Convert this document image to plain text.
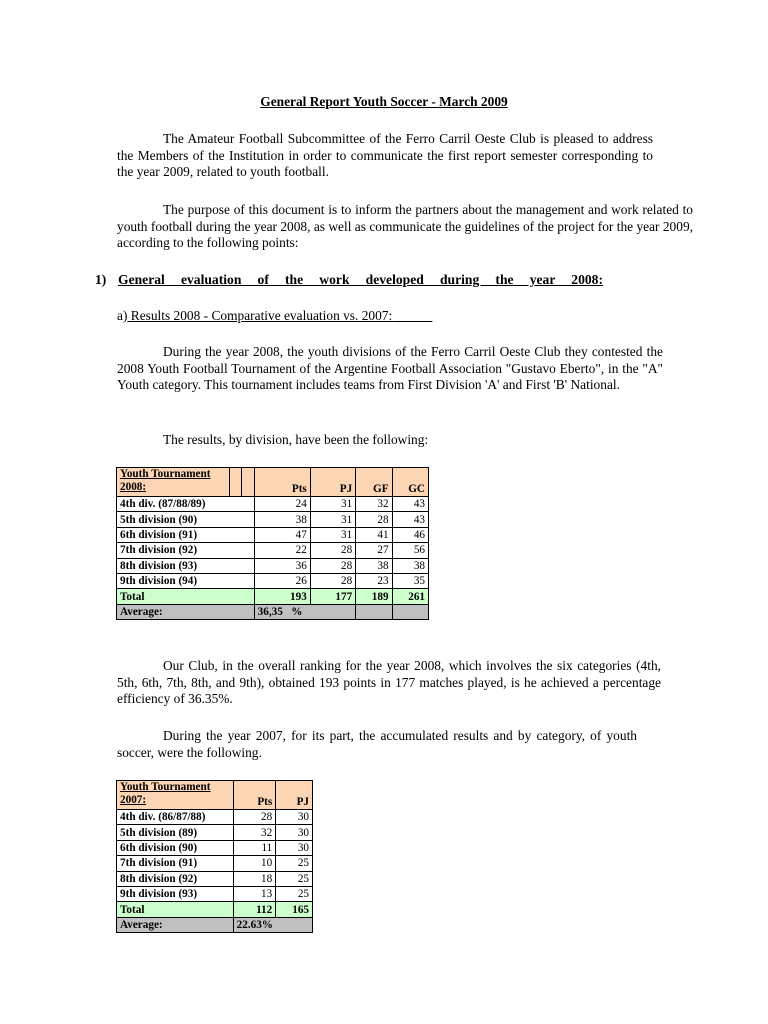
General Report Youth Soccer - March 2009
The Amateur Football Subcommittee of the Ferro Carril Oeste Club is pleased to address the Members of the Institution in order to communicate the first report semester corresponding to the year 2009, related to youth football.
The purpose of this document is to inform the partners about the management and work related to youth football during the year 2008, as well as communicate the guidelines of the project for the year 2009, according to the following points:
1) General evaluation of the work developed during the year 2008:
a) Results 2008 - Comparative evaluation vs. 2007:
During the year 2008, the youth divisions of the Ferro Carril Oeste Club they contested the 2008 Youth Football Tournament of the Argentine Football Association "Gustavo Eberto", in the "A" Youth category. This tournament includes teams from First Division 'A' and First 'B' National.
The results, by division, have been the following:
Youth Tournament
2008:			Pts	PJ	GF	GC
4th div. (87/88/89)			24	31	32	43
5th division (90)			38	31	28	43
6th division (91)			47	31	41	46
7th division (92)			22	28	27	56
8th division (93)			36	28	38	38
9th division (94)			26	28	23	35
Total			193	177	189	261
Average:			36,35 %			
Our Club, in the overall ranking for the year 2008, which involves the six categories (4th, 5th, 6th, 7th, 8th, and 9th), obtained 193 points in 177 matches played, is he achieved a percentage efficiency of 36.35%.
During the year 2007, for its part, the accumulated results and by category, of youth soccer, were the following.
Youth Tournament
2007:	Pts	PJ
4th div. (86/87/88)	28	30
5th division (89)	32	30
6th division (90)	11	30
7th division (91)	10	25
8th division (92)	18	25
9th division (93)	13	25
Total	112	165
Average:	22.63%	
